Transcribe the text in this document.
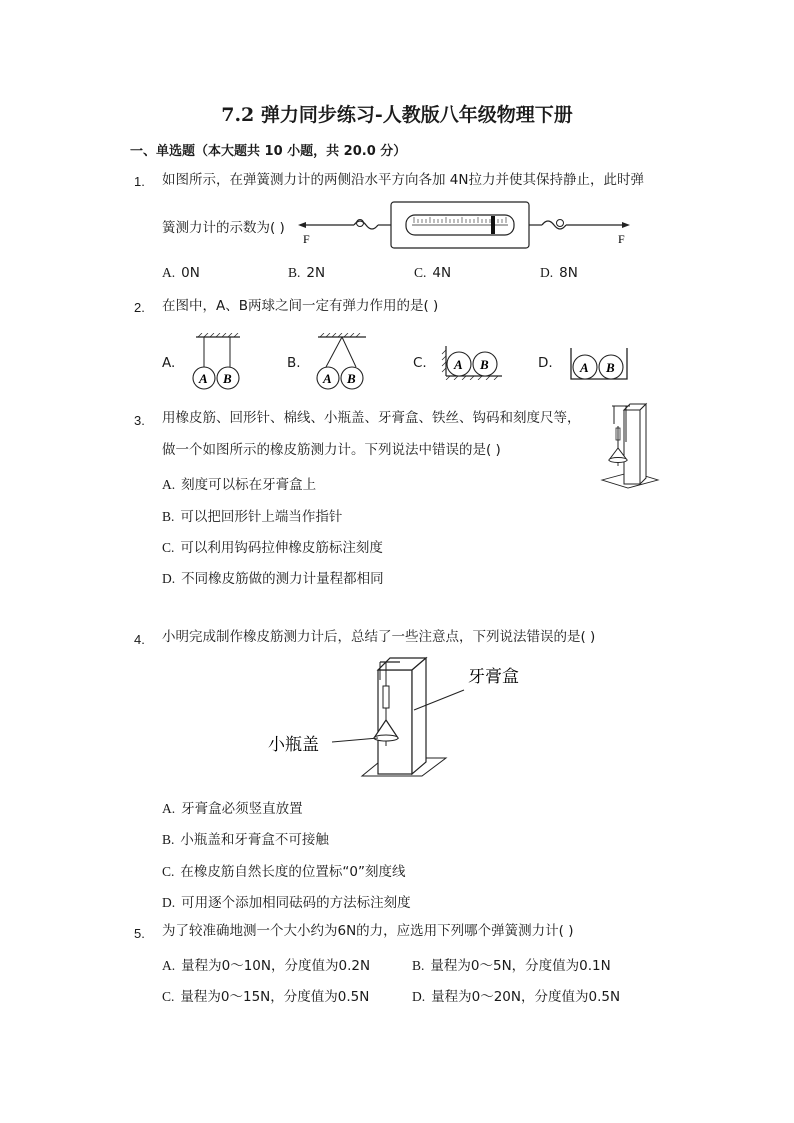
7.2 弹力同步练习-人教版八年级物理下册
一、单选题（本大题共 10 小题，共 20.0 分）
1. 如图所示，在弹簧测力计的两侧沿水平方向各加 4N拉力并使其保持静止，此时弹
簧测力计的示数为( )
F	F
A. 0N	B. 2N	C. 4N	D. 8N
2. 在图中，A、B两球之间一定有弹力作用的是( )
A.
A B
B.
A B
C. A B	D. A B
3. 用橡皮筋、回形针、棉线、小瓶盖、牙膏盒、铁丝、钩码和刻度尺等，
做一个如图所示的橡皮筋测力计。下列说法中错误的是( )
A. 刻度可以标在牙膏盒上
B. 可以把回形针上端当作指针
C. 可以利用钩码拉伸橡皮筋标注刻度
D. 不同橡皮筋做的测力计量程都相同
4. 小明完成制作橡皮筋测力计后，总结了一些注意点，下列说法错误的是( )
牙膏盒
小瓶盖
A. 牙膏盒必须竖直放置
B. 小瓶盖和牙膏盒不可接触
C. 在橡皮筋自然长度的位置标“0”刻度线
D. 可用逐个添加相同砝码的方法标注刻度
5. 为了较准确地测一个大小约为6N的力，应选用下列哪个弹簧测力计( )
A. 量程为0～10N，分度值为0.2N	B. 量程为0～5N，分度值为0.1N
C. 量程为0～15N，分度值为0.5N	D. 量程为0～20N，分度值为0.5N
